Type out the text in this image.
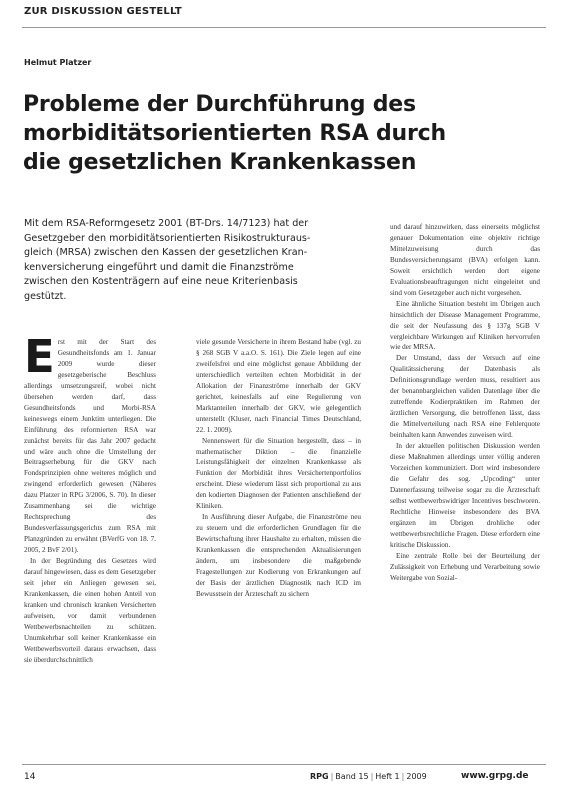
ZUR DISKUSSION GESTELLT
Helmut Platzer
Probleme der Durchführung des
morbiditätsorientierten RSA durch
die gesetzlichen Krankenkassen
Mit dem RSA-Reformgesetz 2001 (BT-Drs. 14/7123) hat der
Gesetzgeber den morbiditätsorientierten Risikostrukturaus-
gleich (MRSA) zwischen den Kassen der gesetzlichen Kran-
kenversicherung eingeführt und damit die Finanzströme
zwischen den Kostenträgern auf eine neue Kriterienbasis
gestützt.

Erst mit der Start des Gesundheitsfonds am 1. Januar 2009 wurde dieser gesetzgeberische Beschluss allerdings umsetzungsreif, wobei nicht übersehen werden darf, dass Gesundheitsfonds und Morbi-RSA keineswegs einem Junktim unterliegen. Die Einführung des reformierten RSA war zunächst bereits für das Jahr 2007 gedacht und wäre auch ohne die Umstellung der Beitragserhebung für die GKV nach Fondsprinzipien ohne weiteres möglich und zwingend erforderlich gewesen (Näheres dazu Platzer in RPG 3/2006, S. 70). In dieser Zusammenhang sei die wichtige Rechtsprechung des Bundesverfassungsgerichts zum RSA mit Planzgründen zu erwähnt (BVerfG von 18. 7. 2005, 2 BvF 2/01).

In der Begründung des Gesetzes wird darauf hingewiesen, dass es dem Gesetzgeber seit jeher ein Anliegen gewesen sei, Krankenkassen, die einen hohen Anteil von kranken und chronisch kranken Versicherten aufweisen, vor damit verbundenen Wettbewerbsnachteilen zu schützen. Unumkehrbar soll keiner Krankenkasse ein Wettbewerbsvorteil daraus erwachsen, dass sie überdurchschnittlich

viele gesunde Versicherte in ihrem Bestand habe (vgl. zu § 268 SGB V a.a.O. S. 161). Die Ziele legen auf eine zweifelsfrei und eine möglichst genaue Abbildung der unterschiedlich verteilten echten Morbidität in der Allokation der Finanzströme innerhalb der GKV gerichtet, keinesfalls auf eine Regulierung von Marktanteilen innerhalb der GKV, wie gelegentlich unterstellt (Kluser, nach Financial Times Deutschland, 22. 1. 2009).

Nennenswert für die Situation hergestellt, dass – in mathematischer Diktion – die finanzielle Leistungsfähigkeit der einzelnen Krankenkasse als Funktion der Morbidität ihres Versichertenportfolios erscheint. Diese wiederum lässt sich proportional zu aus den kodierten Diagnosen der Patienten anschließend der Kliniken.

In Ausführung dieser Aufgabe, die Finanzströme neu zu steuern und die erforderlichen Grundlagen für die Bewirtschaftung ihrer Haushalte zu erhalten, müssen die Krankenkassen die entsprechenden Aktualisierungen ändern, um insbesondere die maßgebende Fragestellungen zur Kodierung von Erkrankungen auf der Basis der ärztlichen Diagnostik nach ICD im Bewusstsein der Ärzteschaft zu sichern

und darauf hinzuwirken, dass einerseits möglichst genauer Dokumentation eine objektiv richtige Mittelzuweisung durch das Bundesversicherungsamt (BVA) erfolgen kann. Soweit ersichtlich werden dort eigene Evaluationsbeauftragungen nicht eingeleitet und sind vom Gesetzgeber auch nicht vorgesehen.

Eine ähnliche Situation besteht im Übrigen auch hinsichtlich der Disease Management Programme, die seit der Neufassung des § 137g SGB V vergleichbare Wirkungen auf Kliniken hervorrufen wie der MRSA.

Der Umstand, dass der Versuch auf eine Qualitätssicherung der Datenbasis als Definitionsgrundlage werden muss, resultiert aus der benannbargleichen validen Datenlage über die zutreffende Kodierpraktiken im Rahmen der ärztlichen Versorgung, die betroffenen lässt, dass die Mittelverteilung nach RSA eine Fehlerquote beinhalten kann Anwendes zuweisen wird.

In der aktuellen politischen Diskussion werden diese Maßnahmen allerdings unter völlig anderen Vorzeichen kommuniziert. Dort wird insbesondere die Gefahr des sog. „Upcoding“ unter Datenerfassung teilweise sogar zu die Ärzteschaft selbst wettbewerbswidriger Incentives beschworen. Rechtliche Hinweise insbesondere des BVA ergänzen im Übrigen drohliche oder wettbewerbsrechtliche Fragen. Diese erfordern eine kritische Diskussion.

Eine zentrale Rolle bei der Beurteilung der Zulässigkeit von Erhebung und Verarbeitung sowie Weitergabe von Sozial-

14	RPG | Band 15 | Heft 1 | 2009	www.grpg.de
